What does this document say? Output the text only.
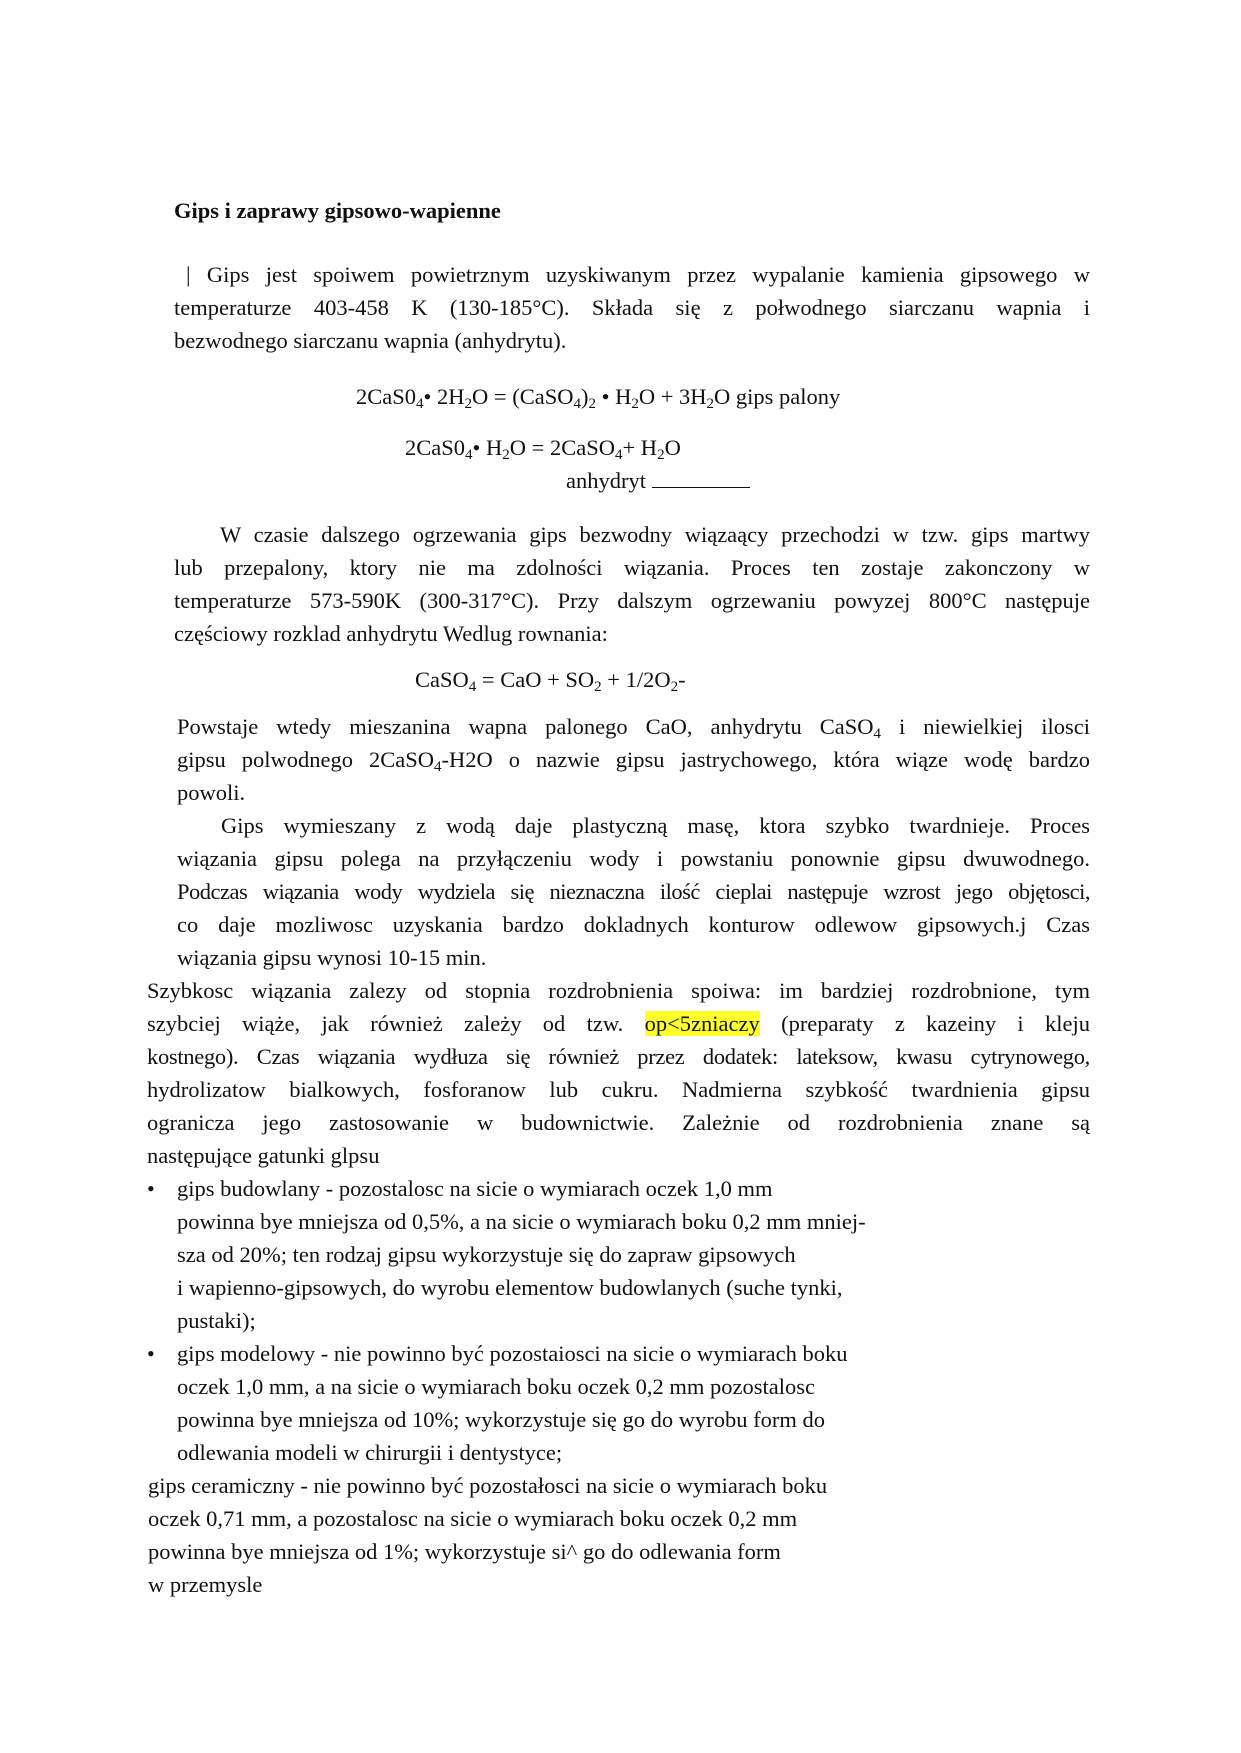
Gips i zaprawy gipsowo-wapienne
| Gips jest spoiwem powietrznym uzyskiwanym przez wypalanie kamienia gipsowego w
temperaturze 403-458 K (130-185°C). Składa się z połwodnego siarczanu wapnia i
bezwodnego siarczanu wapnia (anhydrytu).
$2CaS0_4•$ $2H_2O$ = $(CaSO_4)_2$ • $H_2O + 3H_2O$ gips palony
$2CaS0_4•$ $H_2O$ = 2CaSO$_4$+ $H_2O$
anhydryt
W czasie dalszego ogrzewania gips bezwodny wiązaący przechodzi w tzw. gips martwy
lub przepalony, ktory nie ma zdolności wiązania. Proces ten zostaje zakonczony w
temperaturze 573-590K (300-317°C). Przy dalszym ogrzewaniu powyzej 800°C następuje
częściowy rozklad anhydrytu Wedlug rownania:
CaSO$_4$ = CaO + $SO_2 + 1/2O_2-$
Powstaje wtedy mieszanina wapna palonego CaO, anhydrytu CaSO$_4$ i niewielkiej ilosci
gipsu polwodnego 2CaSO$_4$-H2O o nazwie gipsu jastrychowego, która wiąze wodę bardzo
powoli.
Gips wymieszany z wodą daje plastyczną masę, ktora szybko twardnieje. Proces
wiązania gipsu polega na przyłączeniu wody i powstaniu ponownie gipsu dwuwodnego.
Podczas wiązania wody wydziela się nieznaczna ilość cieplai następuje wzrost jego objętosci,
co daje mozliwosc uzyskania bardzo dokladnych konturow odlewow gipsowych.j Czas
wiązania gipsu wynosi 10-15 min.
Szybkosc wiązania zalezy od stopnia rozdrobnienia spoiwa: im bardziej rozdrobnione, tym
szybciej wiąże, jak również zależy od tzw. op<5zniaczy (preparaty z kazeiny i kleju
kostnego). Czas wiązania wydłuza się również przez dodatek: lateksow, kwasu cytrynowego,
hydrolizatow bialkowych, fosforanow lub cukru. Nadmierna szybkość twardnienia gipsu
ogranicza jego zastosowanie w budownictwie. Zależnie od rozdrobnienia znane są
następujące gatunki glpsu
• gips budowlany - pozostalosc na sicie o wymiarach oczek 1,0 mm
powinna bye mniejsza od 0,5%, a na sicie o wymiarach boku 0,2 mm mniej-
sza od 20%; ten rodzaj gipsu wykorzystuje się do zapraw gipsowych
i wapienno-gipsowych, do wyrobu elementow budowlanych (suche tynki,
pustaki);
• gips modelowy - nie powinno być pozostaiosci na sicie o wymiarach boku
oczek 1,0 mm, a na sicie o wymiarach boku oczek 0,2 mm pozostalosc
powinna bye mniejsza od 10%; wykorzystuje się go do wyrobu form do
odlewania modeli w chirurgii i dentystyce;
gips ceramiczny - nie powinno być pozostałosci na sicie o wymiarach boku
oczek 0,71 mm, a pozostalosc na sicie o wymiarach boku oczek 0,2 mm
powinna bye mniejsza od 1%; wykorzystuje si^ go do odlewania form
w przemysle
